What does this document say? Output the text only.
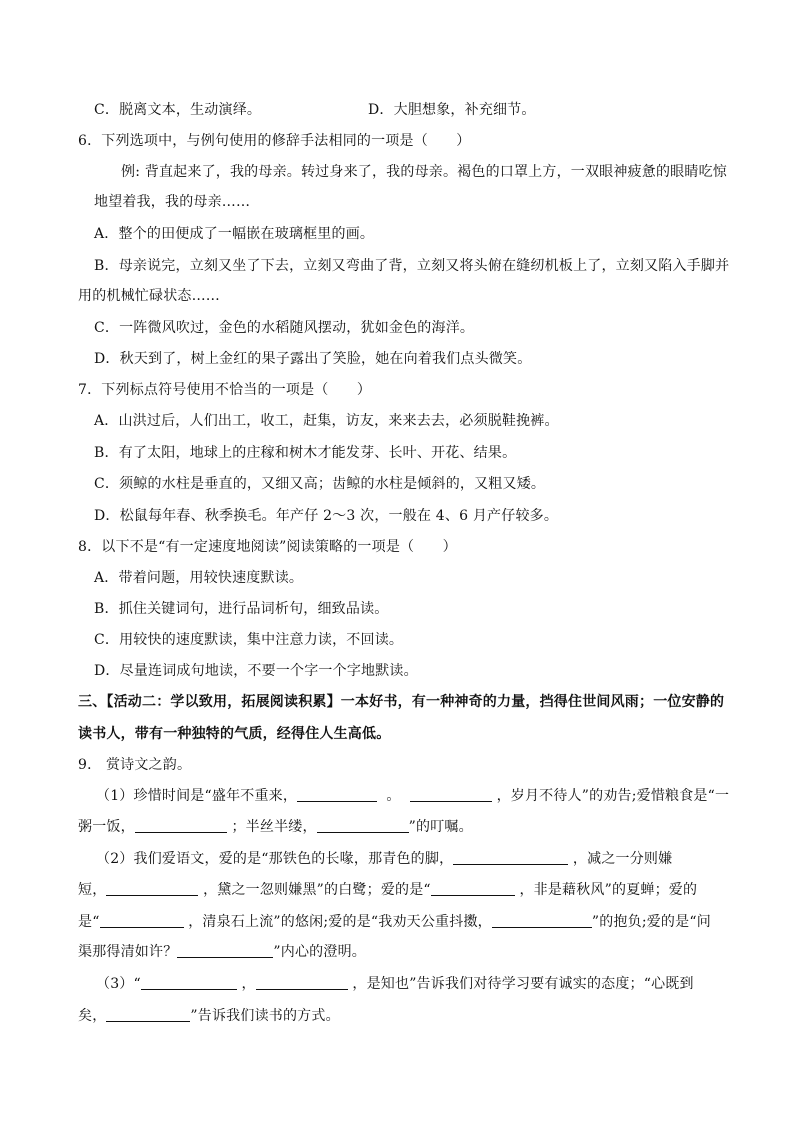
C．脱离文本，生动演绎。	D．大胆想象，补充细节。
6．下列选项中，与例句使用的修辞手法相同的一项是（　　）
例: 背直起来了，我的母亲。转过身来了，我的母亲。褐色的口罩上方，一双眼神疲惫的眼睛吃惊
地望着我，我的母亲……
A．整个的田便成了一幅嵌在玻璃框里的画。
B．母亲说完，立刻又坐了下去，立刻又弯曲了背，立刻又将头俯在缝纫机板上了，立刻又陷入手脚并
用的机械忙碌状态……
C．一阵微风吹过，金色的水稻随风摆动，犹如金色的海洋。
D．秋天到了，树上金红的果子露出了笑脸，她在向着我们点头微笑。
7．下列标点符号使用不恰当的一项是（　　）
A．山洪过后，人们出工，收工，赶集，访友，来来去去，必须脱鞋挽裤。
B．有了太阳，地球上的庄稼和树木才能发芽、长叶、开花、结果。
C．须鲸的水柱是垂直的，又细又高；齿鲸的水柱是倾斜的，又粗又矮。
D．松鼠每年春、秋季换毛。年产仔 2～3 次，一般在 4、6 月产仔较多。
8．以下不是“有一定速度地阅读”阅读策略的一项是（　　）
A．带着问题，用较快速度默读。
B．抓住关键词句，进行品词析句，细致品读。
C．用较快的速度默读，集中注意力读，不回读。
D．尽量连词成句地读，不要一个字一个字地默读。
三、【活动二：学以致用，拓展阅读积累】一本好书，有一种神奇的力量，挡得住世间风雨；一位安静的
读书人，带有一种独特的气质，经得住人生高低。
9． 赏诗文之韵。
（1）珍惜时间是“盛年不重来，	。	，岁月不待人”的劝告;爱惜粮食是“一
粥一饭，	；半丝半缕，	”的叮嘱。
（2）我们爱语文，爱的是“那铁色的长喙，那青色的脚，	，减之一分则嫌
短，	，黛之一忽则嫌黑”的白鹭；爱的是“	，非是藉秋风”的夏蝉；爱的
是“	，清泉石上流”的悠闲;爱的是“我劝天公重抖擞，	”的抱负;爱的是“问
渠那得清如许？	”内心的澄明。
（3）“	，	，是知也”告诉我们对待学习要有诚实的态度；“心既到
矣，	”告诉我们读书的方式。
